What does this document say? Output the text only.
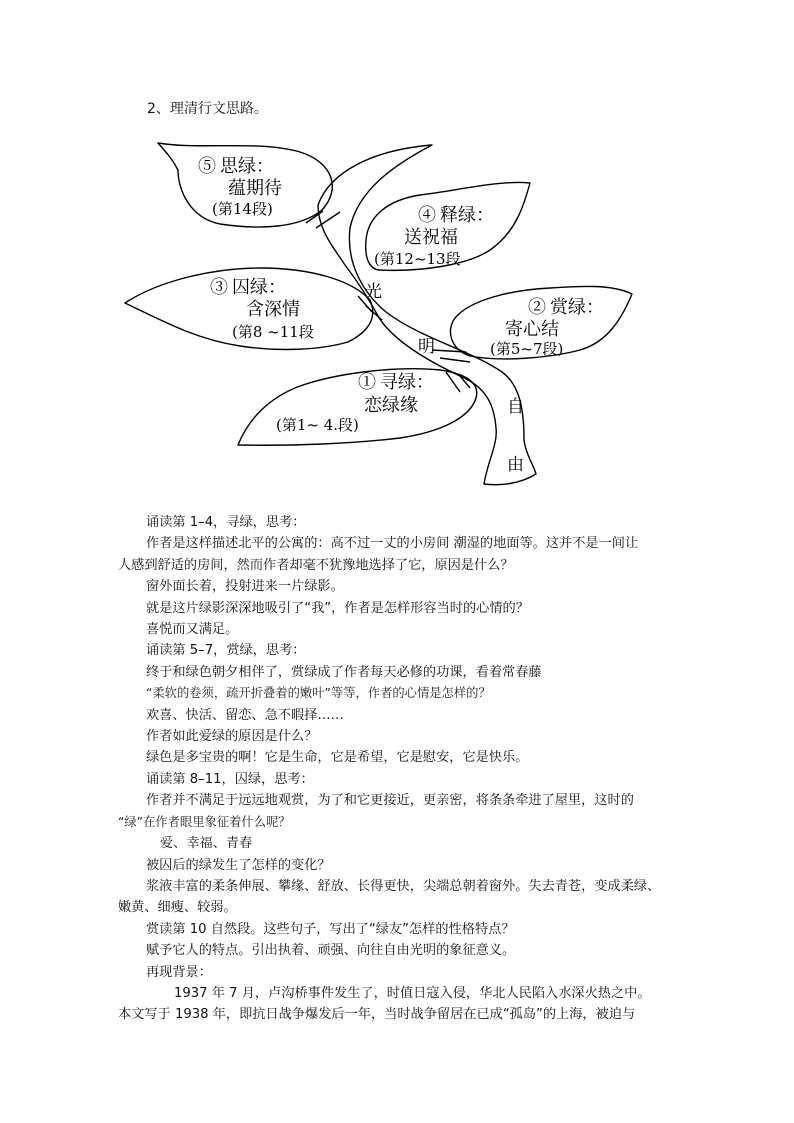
2、理清行文思路。
⑤ 思绿：
蕴期待
(第14段)	④ 释绿：
送祝福
(第12~13段
③ 囚绿：
含深情
(第8 ~11段
② 赏绿：
寄心结
(第5~7段)
① 寻绿：
恋绿缘
(第1~ 4.段)
光
明
自
由
诵读第 1–4，寻绿，思考：
作者是这样描述北平的公寓的：高不过一丈的小房间 潮湿的地面等。这并不是一间让
人感到舒适的房间，然而作者却毫不犹豫地选择了它，原因是什么？
窗外面长着，投射进来一片绿影。
就是这片绿影深深地吸引了“我”，作者是怎样形容当时的心情的？
喜悦而又满足。
诵读第 5–7，赏绿，思考：
终于和绿色朝夕相伴了，赏绿成了作者每天必修的功课，看着常春藤
“柔软的卷须，疏开折叠着的嫩叶”等等，作者的心情是怎样的？
欢喜、快活、留恋、急不暇择……
作者如此爱绿的原因是什么？
绿色是多宝贵的啊！它是生命，它是希望，它是慰安，它是快乐。
诵读第 8–11，囚绿，思考：
作者并不满足于远远地观赏，为了和它更接近，更亲密，将条条牵进了屋里，这时的
“绿”在作者眼里象征着什么呢？
爱、幸福、青春
被囚后的绿发生了怎样的变化？
浆液丰富的柔条伸展、攀缘、舒放、长得更快，尖端总朝着窗外。失去青苍，变成柔绿、
嫩黄、细瘦、较弱。
赏读第 10 自然段。这些句子，写出了“绿友”怎样的性格特点？
赋予它人的特点。引出执着、顽强、向往自由光明的象征意义。
再现背景：
1937 年 7 月，卢沟桥事件发生了，时值日寇入侵，华北人民陷入水深火热之中。
本文写于 1938 年，即抗日战争爆发后一年，当时战争留居在已成“孤岛”的上海，被迫与
